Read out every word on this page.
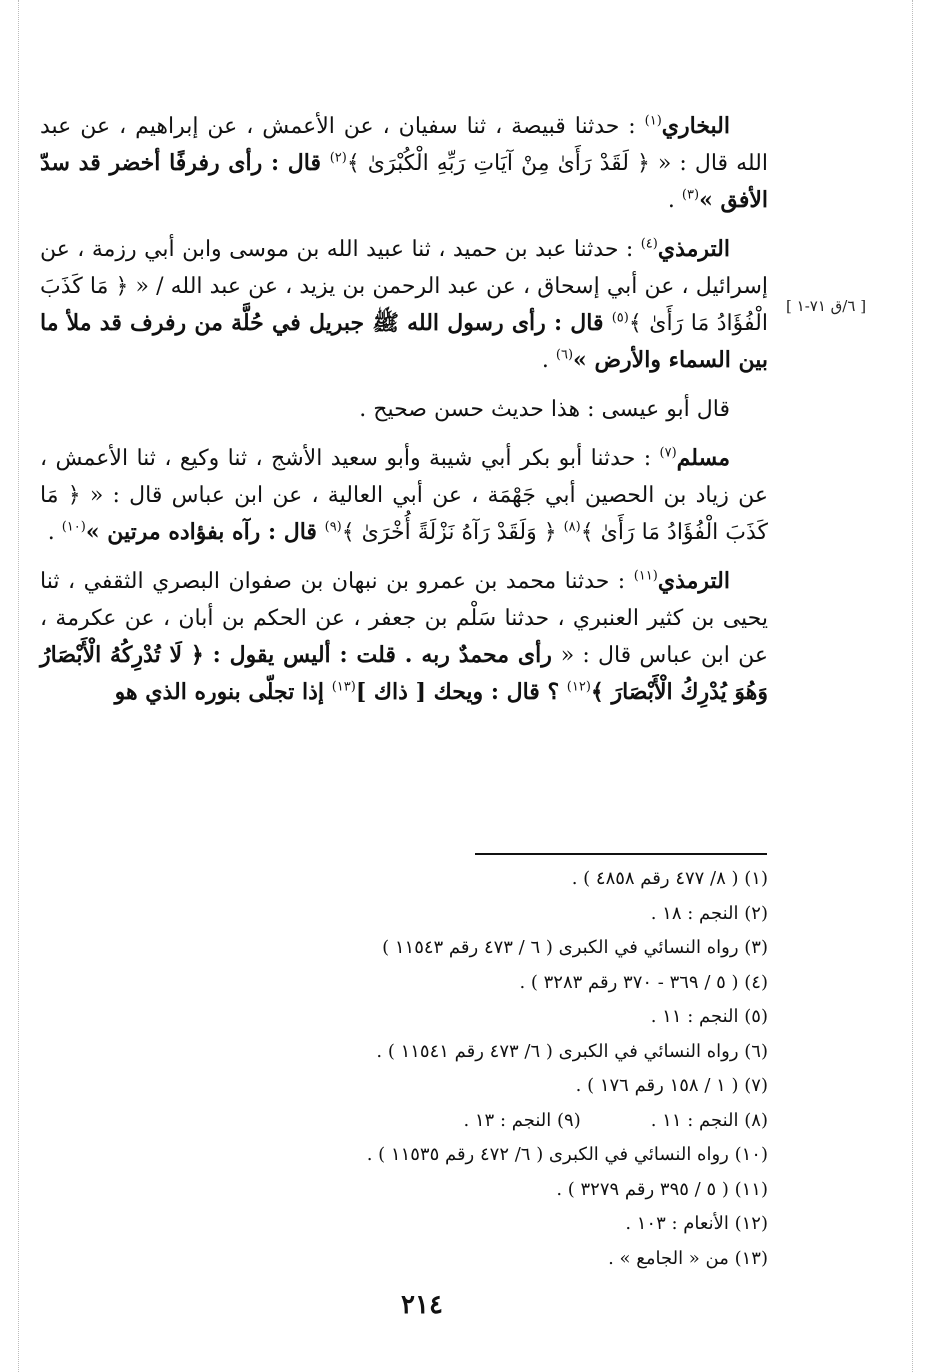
[ ٦/ق ٧١-١ ]

البخاري$^{(١)}$ : حدثنا قبيصة ، ثنا سفيان ، عن الأعمش ، عن إبراهيم ، عن عبد الله قال : « ﴿ لَقَدْ رَأَىٰ مِنْ آيَاتِ رَبِّهِ الْكُبْرَىٰ ﴾$^{(٢)}$ قال : رأى رفرفًا أخضر قد سدّ الأفق »$^{(٣)}$ .

الترمذي$^{(٤)}$ : حدثنا عبد بن حميد ، ثنا عبيد الله بن موسى وابن أبي رزمة ، عن إسرائيل ، عن أبي إسحاق ، عن عبد الرحمن بن يزيد ، عن عبد الله / « ﴿ مَا كَذَبَ الْفُؤَادُ مَا رَأَىٰ ﴾$^{(٥)}$ قال : رأى رسول الله ﷺ جبريل في حُلَّة من رفرف قد ملأ ما بين السماء والأرض »$^{(٦)}$ .

قال أبو عيسى : هذا حديث حسن صحيح .

مسلم$^{(٧)}$ : حدثنا أبو بكر أبي شيبة وأبو سعيد الأشج ، ثنا وكيع ، ثنا الأعمش ، عن زياد بن الحصين أبي جَهْمَة ، عن أبي العالية ، عن ابن عباس قال : « ﴿ مَا كَذَبَ الْفُؤَادُ مَا رَأَىٰ ﴾$^{(٨)}$ ﴿ وَلَقَدْ رَآهُ نَزْلَةً أُخْرَىٰ ﴾$^{(٩)}$ قال : رآه بفؤاده مرتين »$^{(١٠)}$ .

الترمذي$^{(١١)}$ : حدثنا محمد بن عمرو بن نبهان بن صفوان البصري الثقفي ، ثنا يحيى بن كثير العنبري ، حدثنا سَلْم بن جعفر ، عن الحكم بن أبان ، عن عكرمة ، عن ابن عباس قال : « رأى محمدٌ ربه . قلت : أليس يقول : ﴿ لَا تُدْرِكُهُ الْأَبْصَارُ وَهُوَ يُدْرِكُ الْأَبْصَارَ ﴾$^{(١٢)}$ ؟ قال : ويحك [ ذاك ]$^{(١٣)}$ إذا تجلّى بنوره الذي هو

(١) ( ٨/ ٤٧٧ رقم ٤٨٥٨ ) .

(٢) النجم : ١٨ .

(٣) رواه النسائي في الكبرى ( ٦ / ٤٧٣ رقم ١١٥٤٣ )

(٤) ( ٥ / ٣٦٩ - ٣٧٠ رقم ٣٢٨٣ ) .

(٥) النجم : ١١ .

(٦) رواه النسائي في الكبرى ( ٦/ ٤٧٣ رقم ١١٥٤١ ) .

(٧) ( ١ / ١٥٨ رقم ١٧٦ ) .

(٨) النجم : ١١ .(٩) النجم : ١٣ .

(١٠) رواه النسائي في الكبرى ( ٦/ ٤٧٢ رقم ١١٥٣٥ ) .

(١١) ( ٥ / ٣٩٥ رقم ٣٢٧٩ ) .

(١٢) الأنعام : ١٠٣ .

(١٣) من « الجامع » .

٢١٤
